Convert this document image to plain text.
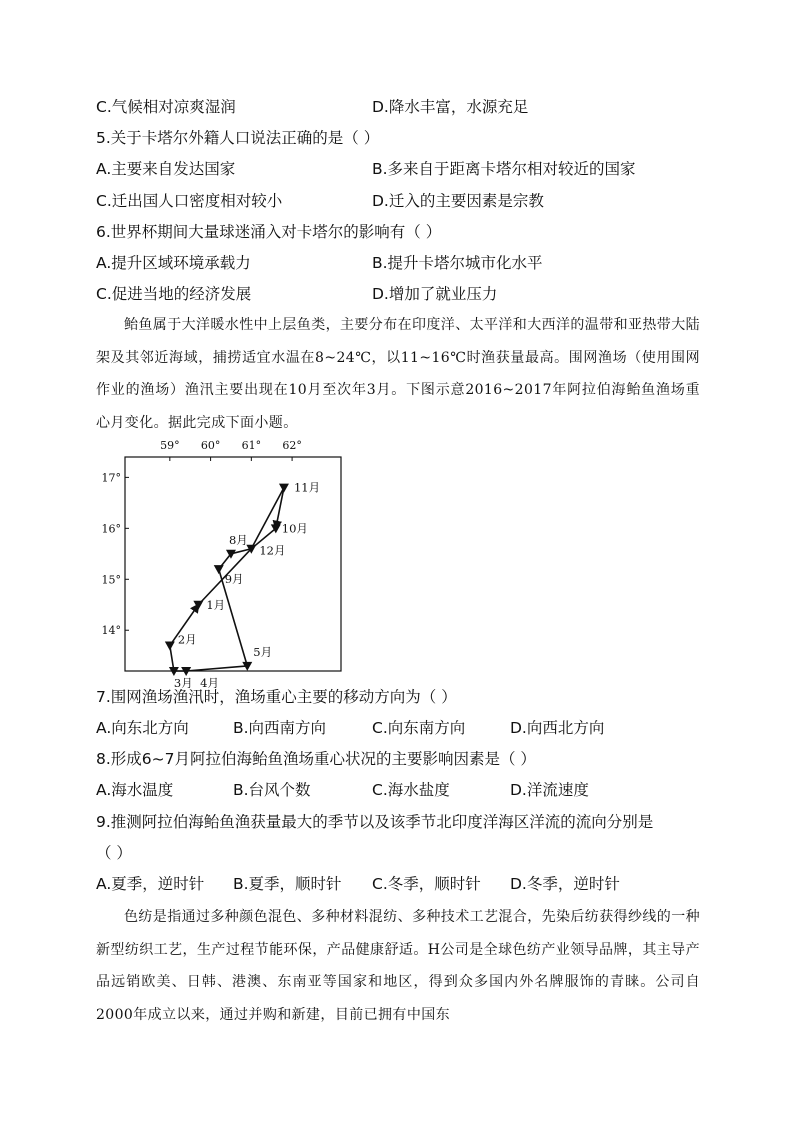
C.气候相对凉爽湿润	D.降水丰富，水源充足
5.关于卡塔尔外籍人口说法正确的是（ ）
A.主要来自发达国家	B.多来自于距离卡塔尔相对较近的国家
C.迁出国人口密度相对较小	D.迁入的主要因素是宗教
6.世界杯期间大量球迷涌入对卡塔尔的影响有（ ）
A.提升区域环境承载力	B.提升卡塔尔城市化水平
C.促进当地的经济发展	D.增加了就业压力

鲐鱼属于大洋暖水性中上层鱼类，主要分布在印度洋、太平洋和大西洋的温带和亚热带大陆架及其邻近海域，捕捞适宜水温在8~24℃，以11~16℃时渔获量最高。围网渔场（使用围网作业的渔场）渔汛主要出现在10月至次年3月。下图示意2016~2017年阿拉伯海鲐鱼渔场重心月变化。据此完成下面小题。

59° 60° 61° 62°
17°
16°
15°
14°
1月
2月
3月 4月
5月
8月
9月
10月
11月
12月
7.围网渔场渔汛时，渔场重心主要的移动方向为（ ）
A.向东北方向	B.向西南方向	C.向东南方向	D.向西北方向
8.形成6~7月阿拉伯海鲐鱼渔场重心状况的主要影响因素是（ ）
A.海水温度	B.台风个数	C.海水盐度	D.洋流速度
9.推测阿拉伯海鲐鱼渔获量最大的季节以及该季节北印度洋海区洋流的流向分别是
（ ）
A.夏季，逆时针 B.夏季，顺时针 C.冬季，顺时针 D.冬季，逆时针

色纺是指通过多种颜色混色、多种材料混纺、多种技术工艺混合，先染后纺获得纱线的一种新型纺织工艺，生产过程节能环保，产品健康舒适。H公司是全球色纺产业领导品牌，其主导产品远销欧美、日韩、港澳、东南亚等国家和地区，得到众多国内外名牌服饰的青睐。公司自2000年成立以来，通过并购和新建，目前已拥有中国东
